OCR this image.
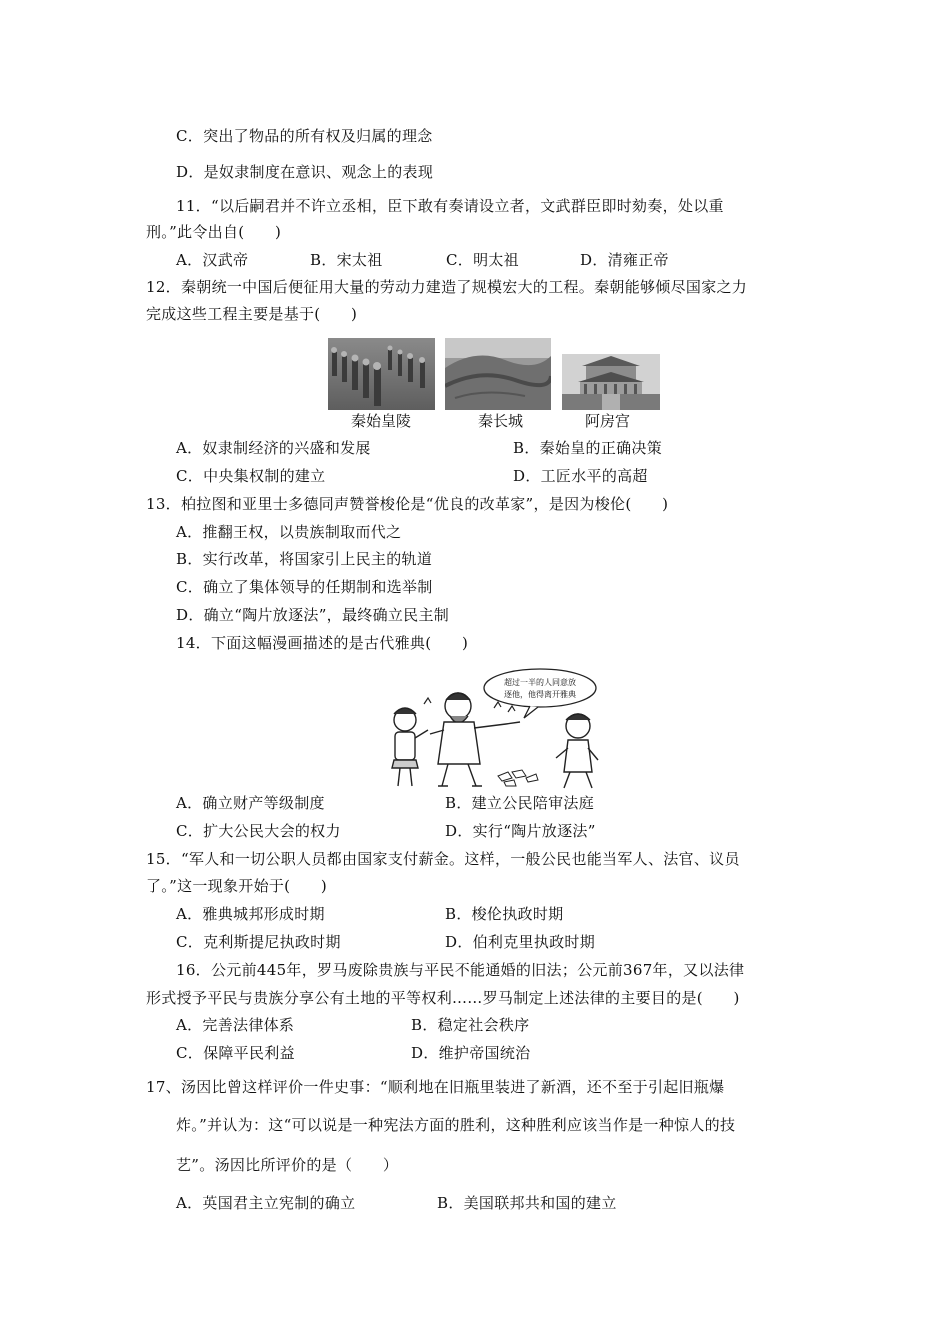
C．突出了物品的所有权及归属的理念
D．是奴隶制度在意识、观念上的表现
11．“以后嗣君并不许立丞相，臣下敢有奏请设立者，文武群臣即时劾奏，处以重
刑。”此令出自(　　)
A．汉武帝	B．宋太祖	C．明太祖	D．清雍正帝
12．秦朝统一中国后便征用大量的劳动力建造了规模宏大的工程。秦朝能够倾尽国家之力
完成这些工程主要是基于(　　)
秦始皇陵	秦长城	阿房宫
A．奴隶制经济的兴盛和发展	B．秦始皇的正确决策
C．中央集权制的建立	D．工匠水平的高超
13．柏拉图和亚里士多德同声赞誉梭伦是“优良的改革家”，是因为梭伦(　　)
A．推翻王权，以贵族制取而代之
B．实行改革，将国家引上民主的轨道
C．确立了集体领导的任期制和选举制
D．确立“陶片放逐法”，最终确立民主制
14．下面这幅漫画描述的是古代雅典(　　)
超过一半的人同意放
逐他，他得离开雅典
A．确立财产等级制度	B．建立公民陪审法庭
C．扩大公民大会的权力	D．实行“陶片放逐法”
15．“军人和一切公职人员都由国家支付薪金。这样，一般公民也能当军人、法官、议员
了。”这一现象开始于(　　)
A．雅典城邦形成时期	B．梭伦执政时期
C．克利斯提尼执政时期	D．伯利克里执政时期
16．公元前445年，罗马废除贵族与平民不能通婚的旧法；公元前367年，又以法律
形式授予平民与贵族分享公有土地的平等权利……罗马制定上述法律的主要目的是(　　)
A．完善法律体系	B．稳定社会秩序
C．保障平民利益	D．维护帝国统治
17、汤因比曾这样评价一件史事：“顺利地在旧瓶里装进了新酒，还不至于引起旧瓶爆
炸。”并认为：这“可以说是一种宪法方面的胜利，这种胜利应该当作是一种惊人的技
艺”。汤因比所评价的是（　　）
A．英国君主立宪制的确立	B．美国联邦共和国的建立
